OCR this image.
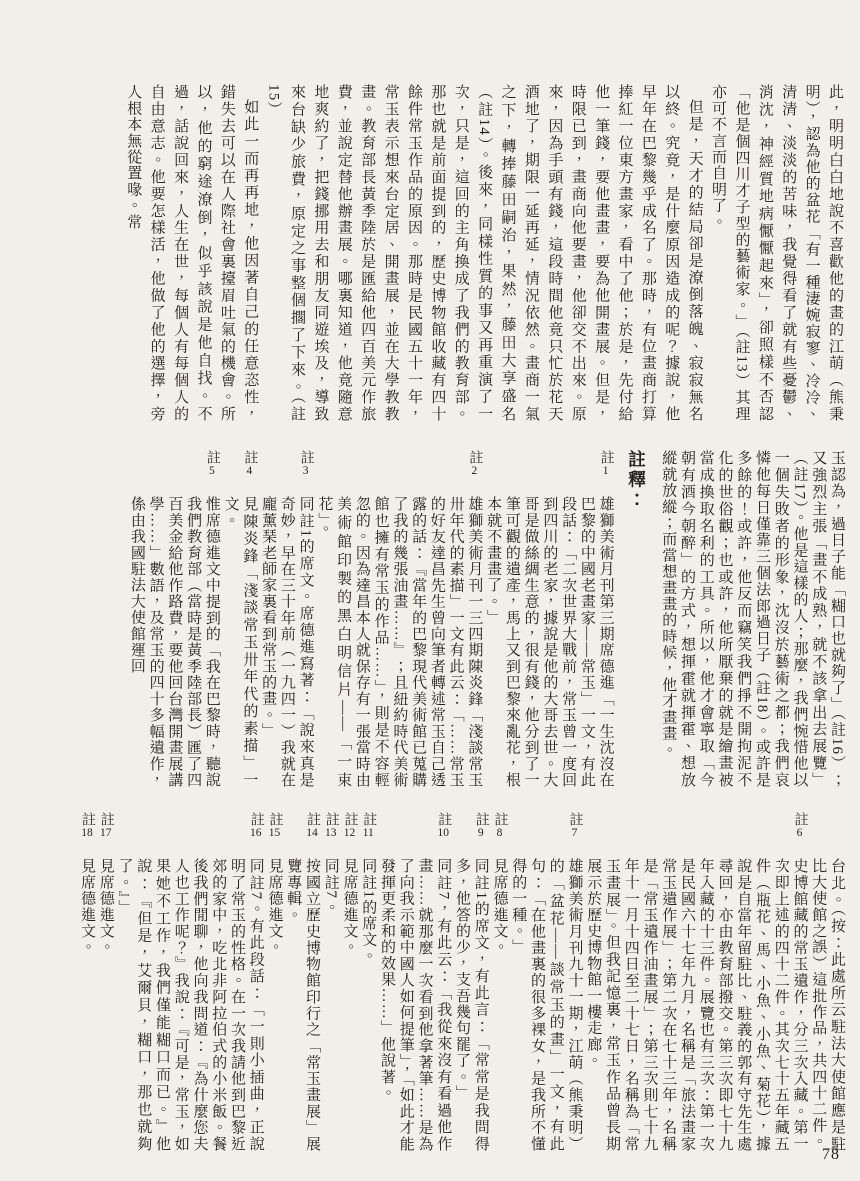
此，明明白白地說不喜歡他的畫的江萌（熊秉明），認為他的盆花「有一種淒婉寂寥、冷冷、清清、淡淡的苦味，我覺得看了就有些憂鬱、消沈，神經質地病懨懨起來」，卻照樣不否認「他是個四川才子型的藝術家。」（註13）其理亦可不言而自明了。

但是，天才的結局卻是潦倒落魄、寂寂無名以終。究竟，是什麼原因造成的呢？據說，他早年在巴黎幾乎成名了。那時，有位畫商打算捧紅一位東方畫家，看中了他；於是，先付給他一筆錢，要他畫畫，要為他開畫展。但是，時限已到，畫商向他要畫，他卻交不出來。原來，因為手頭有錢，這段時間他竟只忙於花天酒地了，期限一延再延，情況依然。畫商一氣之下，轉捧藤田嗣治，果然，藤田大享盛名（註14）。後來，同樣性質的事又再重演了一次，只是，這回的主角換成了我們的教育部。那也就是前面提到的，歷史博物館收藏有四十餘件常玉作品的原因。那時是民國五十一年，常玉表示想來台定居、開畫展，並在大學教教畫。教育部長黃季陸於是匯給他四百美元作旅費，並說定替他辦畫展。哪裏知道，他竟隨意地爽約了，把錢挪用去和朋友同遊埃及，導致來台缺少旅費，原定之事整個擱了下來。（註15）

如此一而再再地，他因著自己的任意恣性，錯失去可以在人際社會裏擡眉吐氣的機會。所以，他的窮途潦倒，似乎該說是他自找。不過，話說回來，人生在世，每個人有每個人的自由意志。他要怎樣活，他做了他的選擇，旁人根本無從置喙。常

玉認為，過日子能「糊口也就夠了」（註16）；又強烈主張「畫不成熟，就不該拿出去展覽」（註17）。他是這樣的人；那麼，我們惋惜他以一個失敗者的形象，沈沒於藝術之都；我們哀憐他每日僅靠三個法郎過日子（註18）。或許是多餘的！或許，他反而竊笑我們掙不開拘泥不化的世俗觀；也或許，他所厭棄的就是繪畫被當成換取名利的工具。所以，他才會寧取「今朝有酒今朝醉」的方式，想揮霍就揮霍、想放縱就放縱；而當想畫畫的時候，他才畫畫。

註釋：
註1
雄獅美術月刊第三期席德進「一生沈沒在巴黎的中國老畫家——常玉」一文，有此段話：「二次世界大戰前，常玉曾一度回到四川的老家，據說是他的大哥去世。大哥是做絲綢生意的，很有錢，他分到了一筆可觀的遺產，馬上又到巴黎來亂花，根本就不畫畫了。」
註2
雄獅美術月刊一三四期陳炎鋒「淺談常玉卅年代的素描」一文有此云：「……常玉的好友達昌先生曾向筆者轉述常玉自己透露的話：『當年的巴黎現代美術館已蒐購了我的幾張油畫……』；且紐約時代美術館也擁有常玉的作品……」，則是不容輕忽的。因為達昌本人就保存有一張當時由美術館印製的黑白明信片——「一束花」。
註3
同註1的席文。席德進寫著：「說來真是奇妙，早在三十年前（一九四一）我就在龐薰琹老師家裏看到常玉的畫。」
註4
見陳炎鋒「淺談常玉卅年代的素描」一文。
註5
惟席德進文中提到的「我在巴黎時，聽說我們教育部（當時是黃季陸部長）匯了四百美金給他作路費，要他回台灣開畫展講學……」數語，及常玉的四十多幅遺作，係由我國駐法大使館運回
台北。（按：此處所云駐法大使館應是駐比大使館之誤）這批作品，共四十二件。
註6
史博館藏的常玉遺作，分三次入藏。第一次即上述的四十二件。其次七十五年藏五件（瓶花、馬、小魚、小魚、菊花），據說是自當年留駐比、駐義的郭有守先生處尋回，亦由教育部撥交。第三次即七十九年入藏的十三件。展覽也有三次：第一次是民國六十七年九月，名稱是「旅法畫家常玉遺作展」；第二次在七十三年，名稱是「常玉遺作油畫展」；第三次則七十九年十一月十四日至二十七日，名稱為「常玉畫展」。但我記憶裏，常玉作品曾長期展示於歷史博物館一樓走廊。
註7
雄獅美術月刊九十一期，江萌（熊秉明）的「盆花——談常玉的畫」一文，有此句：「在他畫裏的很多裸女，是我所不懂得的一種。」
註8
見席德進文。
註9
同註1的席文，有此言：「常常是我問得多，他答的少，支吾幾句罷了。」
註10
同註7，有此云：「我從來沒有看過他作畫……就那麼一次看到他拿著筆……是為了向我示範中國人如何提筆」，「如此才能發揮更柔和的效果……」他說著。
註11
同註1的席文。
註12
見席德進文。
註13
同註7。
註14
按國立歷史博物館印行之「常玉畫展」展覽專輯。
註15
見席德進文。
註16
同註7。有此段話：「一則小插曲，正說明了常玉的性格。在一次我請他到巴黎近郊的家中，吃北非阿拉伯式的小米飯。餐後我們閒聊，他向我問道：『為什麼您夫人也工作呢？』我說：『可是，常玉，如果她不工作，我們僅能糊口而已。』他說：『但是，艾爾貝，糊口，那也就夠了。』」
註17
見席德進文。
註18
見席德進文。
78
